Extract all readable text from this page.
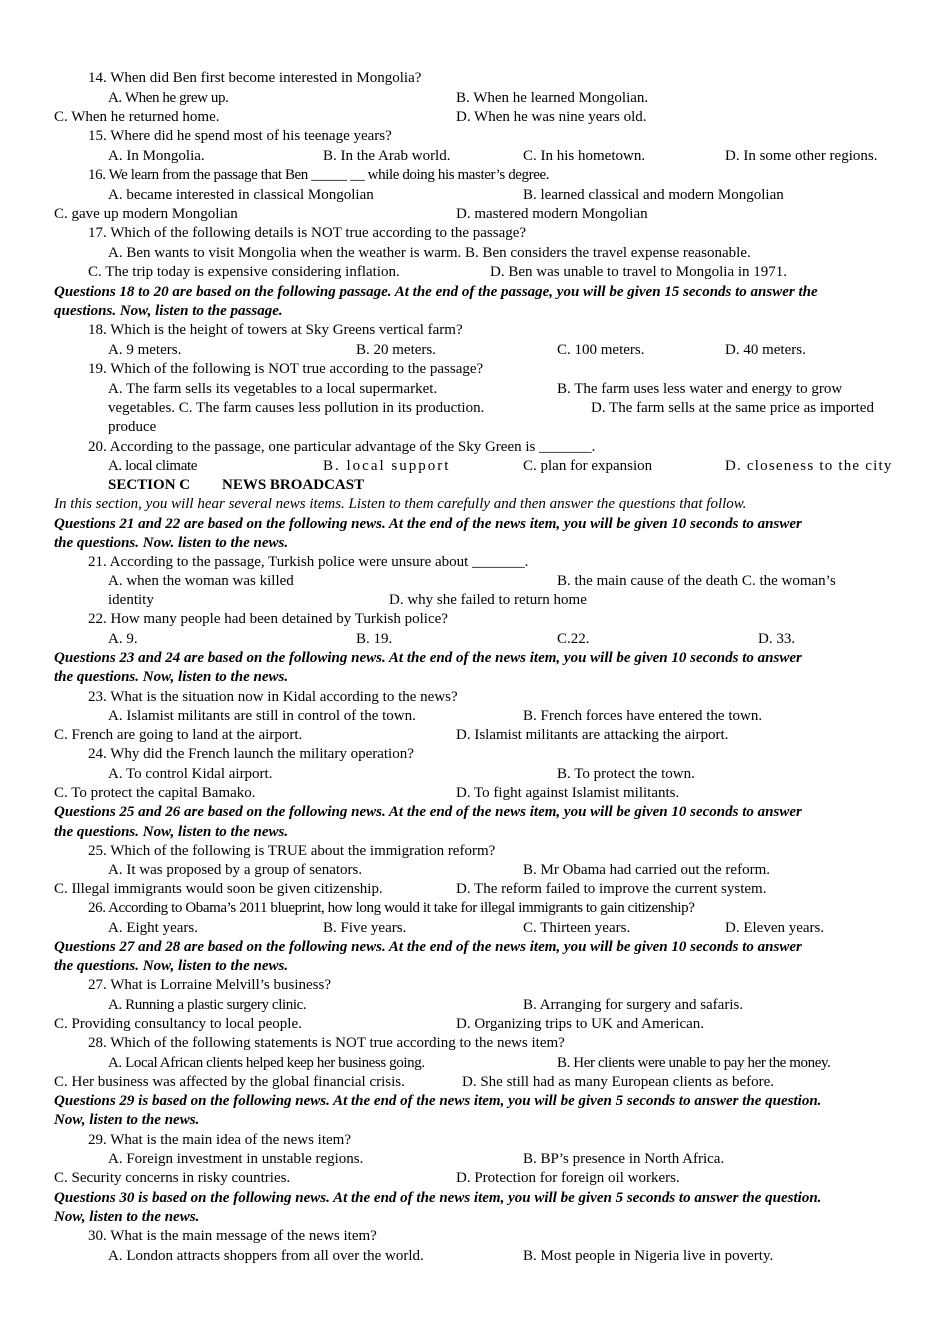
14. When did Ben first become interested in Mongolia?
A. When he grew up.	B. When he learned Mongolian.
C. When he returned home.	D. When he was nine years old.
15. Where did he spend most of his teenage years?
A. In Mongolia.	B. In the Arab world.	C. In his hometown.	D. In some other regions.
16. We learn from the passage that Ben _____ __ while doing his master’s degree.
A. became interested in classical Mongolian	B. learned classical and modern Mongolian
C. gave up modern Mongolian	D. mastered modern Mongolian
17. Which of the following details is NOT true according to the passage?
A. Ben wants to visit Mongolia when the weather is warm. B. Ben considers the travel expense reasonable.
C. The trip today is expensive considering inflation.	D. Ben was unable to travel to Mongolia in 1971.
Questions 18 to 20 are based on the following passage. At the end of the passage, you will be given 15 seconds to answer the
questions. Now, listen to the passage.
18. Which is the height of towers at Sky Greens vertical farm?
A. 9 meters.	B. 20 meters.	C. 100 meters.	D. 40 meters.
19. Which of the following is NOT true according to the passage?
A. The farm sells its vegetables to a local supermarket.	B. The farm uses less water and energy to grow
vegetables. C. The farm causes less pollution in its production.	D. The farm sells at the same price as imported
produce
20. According to the passage, one particular advantage of the Sky Green is _______.
A. local climate	B. local support	C. plan for expansion	D. closeness to the city
SECTION C NEWS BROADCAST
In this section, you will hear several news items. Listen to them carefully and then answer the questions that follow.
Questions 21 and 22 are based on the following news. At the end of the news item, you will be given 10 seconds to answer
the questions. Now. listen to the news.
21. According to the passage, Turkish police were unsure about _______.
A. when the woman was killed	B. the main cause of the death C. the woman’s
identity	D. why she failed to return home
22. How many people had been detained by Turkish police?
A. 9.	B. 19.	C.22.	D. 33.
Questions 23 and 24 are based on the following news. At the end of the news item, you will be given 10 seconds to answer
the questions. Now, listen to the news.
23. What is the situation now in Kidal according to the news?
A. Islamist militants are still in control of the town.	B. French forces have entered the town.
C. French are going to land at the airport.	D. Islamist militants are attacking the airport.
24. Why did the French launch the military operation?
A. To control Kidal airport.	B. To protect the town.
C. To protect the capital Bamako.	D. To fight against Islamist militants.
Questions 25 and 26 are based on the following news. At the end of the news item, you will be given 10 seconds to answer
the questions. Now, listen to the news.
25. Which of the following is TRUE about the immigration reform?
A. It was proposed by a group of senators.	B. Mr Obama had carried out the reform.
C. Illegal immigrants would soon be given citizenship.	D. The reform failed to improve the current system.
26. According to Obama’s 2011 blueprint, how long would it take for illegal immigrants to gain citizenship?
A. Eight years.	B. Five years.	C. Thirteen years.	D. Eleven years.
Questions 27 and 28 are based on the following news. At the end of the news item, you will be given 10 seconds to answer
the questions. Now, listen to the news.
27. What is Lorraine Melvill’s business?
A. Running a plastic surgery clinic.	B. Arranging for surgery and safaris.
C. Providing consultancy to local people.	D. Organizing trips to UK and American.
28. Which of the following statements is NOT true according to the news item?
A. Local African clients helped keep her business going.	B. Her clients were unable to pay her the money.
C. Her business was affected by the global financial crisis.	D. She still had as many European clients as before.
Questions 29 is based on the following news. At the end of the news item, you will be given 5 seconds to answer the question.
Now, listen to the news.
29. What is the main idea of the news item?
A. Foreign investment in unstable regions.	B. BP’s presence in North Africa.
C. Security concerns in risky countries.	D. Protection for foreign oil workers.
Questions 30 is based on the following news. At the end of the news item, you will be given 5 seconds to answer the question.
Now, listen to the news.
30. What is the main message of the news item?
A. London attracts shoppers from all over the world.	B. Most people in Nigeria live in poverty.
